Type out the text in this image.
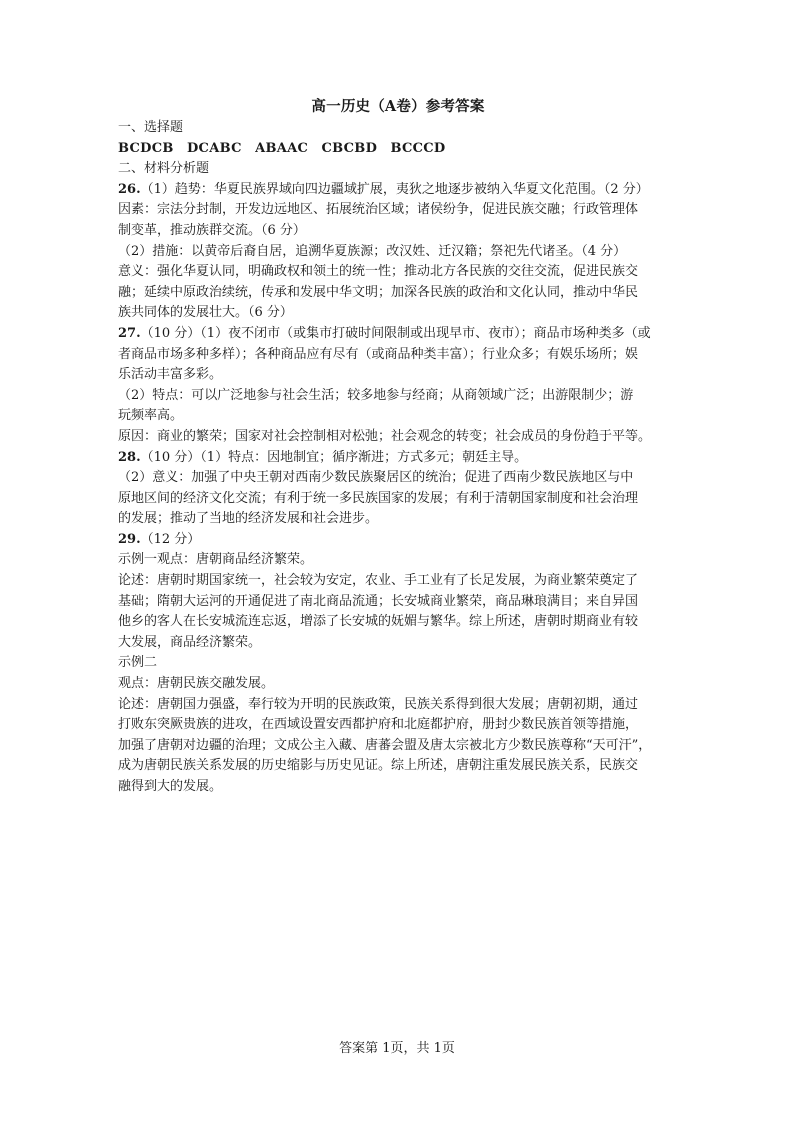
高一历史（A卷）参考答案

一、选择题

BCDCB　DCABC　ABAAC　CBCBD　BCCCD

二、材料分析题

26.（1）趋势：华夏民族界域向四边疆域扩展，夷狄之地逐步被纳入华夏文化范围。（2 分）

因素：宗法分封制，开发边远地区、拓展统治区域；诸侯纷争，促进民族交融；行政管理体

制变革，推动族群交流。（6 分）

（2）措施：以黄帝后裔自居，追溯华夏族源；改汉姓、迁汉籍；祭祀先代诸圣。（4 分）

意义：强化华夏认同，明确政权和领土的统一性；推动北方各民族的交往交流，促进民族交

融；延续中原政治续统，传承和发展中华文明；加深各民族的政治和文化认同，推动中华民

族共同体的发展壮大。（6 分）

27.（10 分）（1）夜不闭市（或集市打破时间限制或出现早市、夜市）；商品市场种类多（或

者商品市场多种多样）；各种商品应有尽有（或商品种类丰富）；行业众多；有娱乐场所；娱

乐活动丰富多彩。

（2）特点：可以广泛地参与社会生活；较多地参与经商；从商领域广泛；出游限制少；游

玩频率高。

原因：商业的繁荣；国家对社会控制相对松弛；社会观念的转变；社会成员的身份趋于平等。

28.（10 分）（1）特点：因地制宜；循序渐进；方式多元；朝廷主导。

（2）意义：加强了中央王朝对西南少数民族聚居区的统治；促进了西南少数民族地区与中

原地区间的经济文化交流；有利于统一多民族国家的发展；有利于清朝国家制度和社会治理

的发展；推动了当地的经济发展和社会进步。

29.（12 分）

示例一观点：唐朝商品经济繁荣。

论述：唐朝时期国家统一，社会较为安定，农业、手工业有了长足发展，为商业繁荣奠定了

基础；隋朝大运河的开通促进了南北商品流通；长安城商业繁荣，商品琳琅满目；来自异国

他乡的客人在长安城流连忘返，增添了长安城的妩媚与繁华。综上所述，唐朝时期商业有较

大发展，商品经济繁荣。

示例二

观点：唐朝民族交融发展。

论述：唐朝国力强盛，奉行较为开明的民族政策，民族关系得到很大发展；唐朝初期，通过

打败东突厥贵族的进攻，在西域设置安西都护府和北庭都护府，册封少数民族首领等措施，

加强了唐朝对边疆的治理；文成公主入藏、唐蕃会盟及唐太宗被北方少数民族尊称“天可汗”，

成为唐朝民族关系发展的历史缩影与历史见证。综上所述，唐朝注重发展民族关系，民族交

融得到大的发展。

答案第 1页，共 1页
